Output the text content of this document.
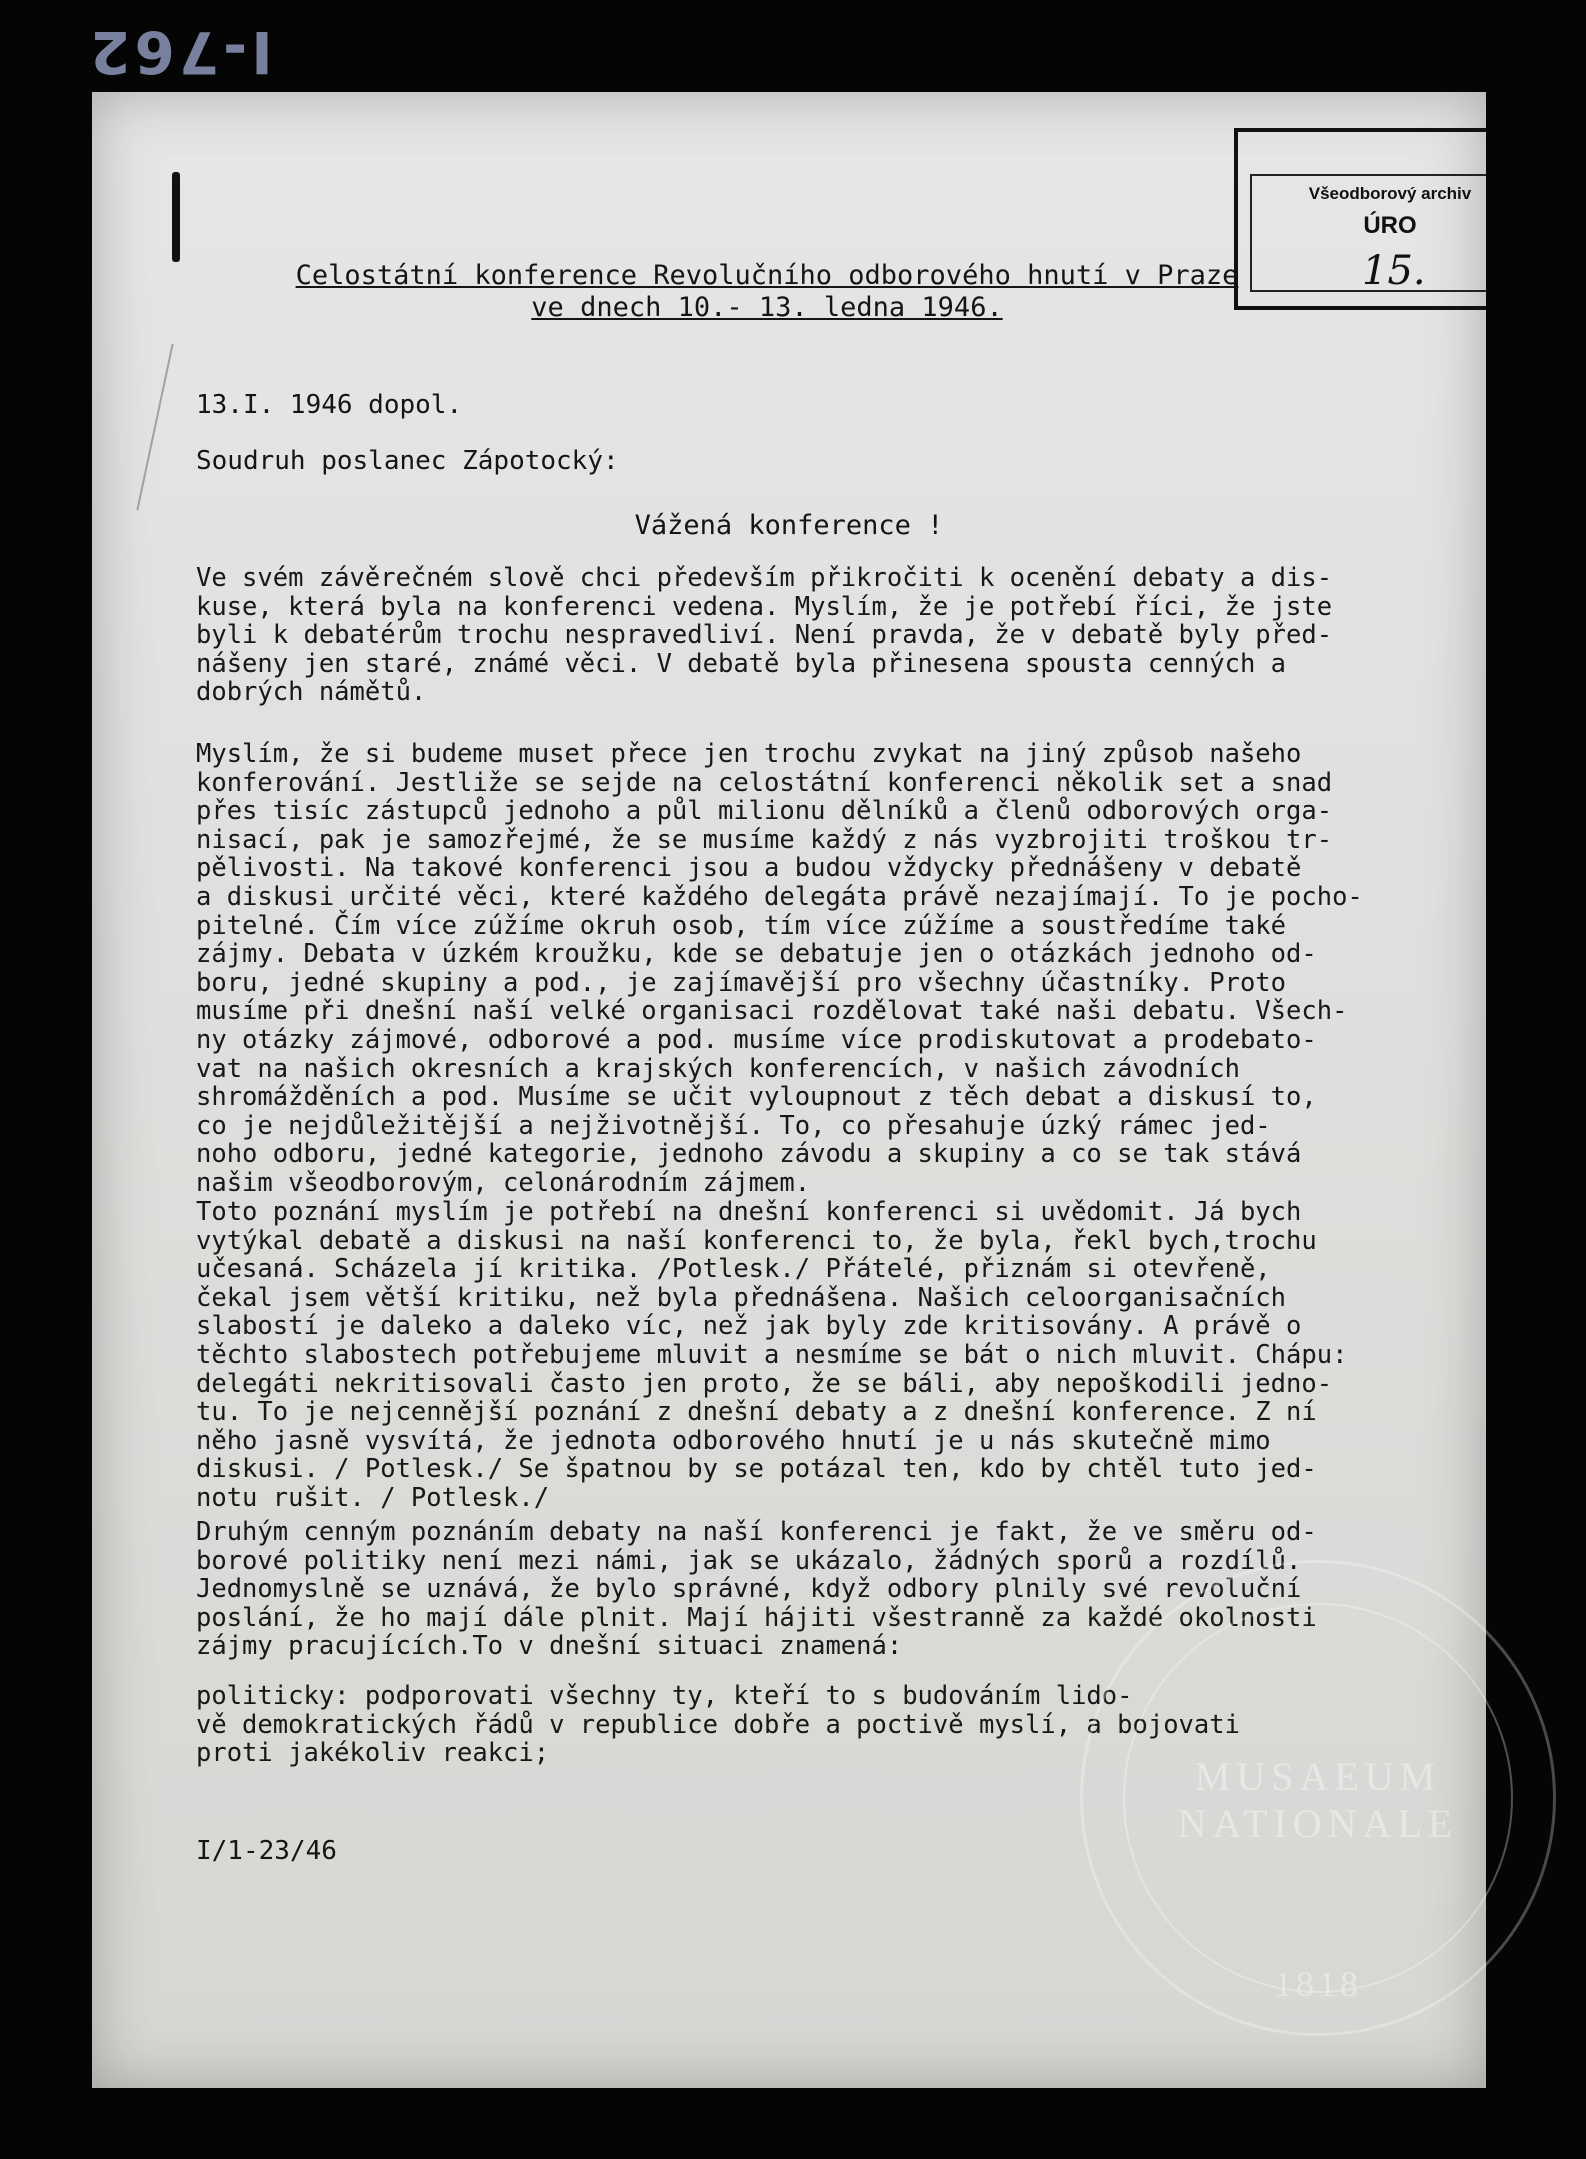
I-762
Všeodborový archiv
ÚRO
15.

Celostátní konference Revolučního odborového hnutí v Praze

ve dnech 10.- 13. ledna 1946.

13.I. 1946 dopol.

Soudruh poslanec Zápotocký:

Vážená konference !

Ve svém závěrečném slově chci především přikročiti k ocenění debaty a dis-
kuse, která byla na konferenci vedena. Myslím, že je potřebí říci, že jste
byli k debatérům trochu nespravedliví. Není pravda, že v debatě byly před-
nášeny jen staré, známé věci. V debatě byla přinesena spousta cenných a
dobrých námětů.

Myslím, že si budeme muset přece jen trochu zvykat na jiný způsob našeho
konferování. Jestliže se sejde na celostátní konferenci několik set a snad
přes tisíc zástupců jednoho a půl milionu dělníků a členů odborových orga-
nisací, pak je samozřejmé, že se musíme každý z nás vyzbrojiti troškou tr-
pělivosti. Na takové konferenci jsou a budou vždycky přednášeny v debatě
a diskusi určité věci, které každého delegáta právě nezajímají. To je pocho-
pitelné. Čím více zúžíme okruh osob, tím více zúžíme a soustředíme také
zájmy. Debata v úzkém kroužku, kde se debatuje jen o otázkách jednoho od-
boru, jedné skupiny a pod., je zajímavější pro všechny účastníky. Proto
musíme při dnešní naší velké organisaci rozdělovat také naši debatu. Všech-
ny otázky zájmové, odborové a pod. musíme více prodiskutovat a prodebato-
vat na našich okresních a krajských konferencích, v našich závodních
shromážděních a pod. Musíme se učit vyloupnout z těch debat a diskusí to,
co je nejdůležitější a nejživotnější. To, co přesahuje úzký rámec jed-
noho odboru, jedné kategorie, jednoho závodu a skupiny a co se tak stává
našim všeodborovým, celonárodním zájmem.

Toto poznání myslím je potřebí na dnešní konferenci si uvědomit. Já bych
vytýkal debatě a diskusi na naší konferenci to, že byla, řekl bych,trochu
učesaná. Scházela jí kritika. /Potlesk./ Přátelé, přiznám si otevřeně,
čekal jsem větší kritiku, než byla přednášena. Našich celoorganisačních
slabostí je daleko a daleko víc, než jak byly zde kritisovány. A právě o
těchto slabostech potřebujeme mluvit a nesmíme se bát o nich mluvit. Chápu:
delegáti nekritisovali často jen proto, že se báli, aby nepoškodili jedno-
tu. To je nejcennější poznání z dnešní debaty a z dnešní konference. Z ní
něho jasně vysvítá, že jednota odborového hnutí je u nás skutečně mimo
diskusi. / Potlesk./ Se špatnou by se potázal ten, kdo by chtěl tuto jed-
notu rušit. / Potlesk./

Druhým cenným poznáním debaty na naší konferenci je fakt, že ve směru od-
borové politiky není mezi námi, jak se ukázalo, žádných sporů a rozdílů.
Jednomyslně se uznává, že bylo správné, když odbory plnily své revoluční
poslání, že ho mají dále plnit. Mají hájiti všestranně za každé okolnosti
zájmy pracujících.To v dnešní situaci znamená:

politicky: podporovati všechny ty, kteří to s budováním lido-
vě demokratických řádů v republice dobře a poctivě myslí, a bojovati
proti jakékoliv reakci;

I/1-23/46

MUSAEUM NATIONALE
1818
